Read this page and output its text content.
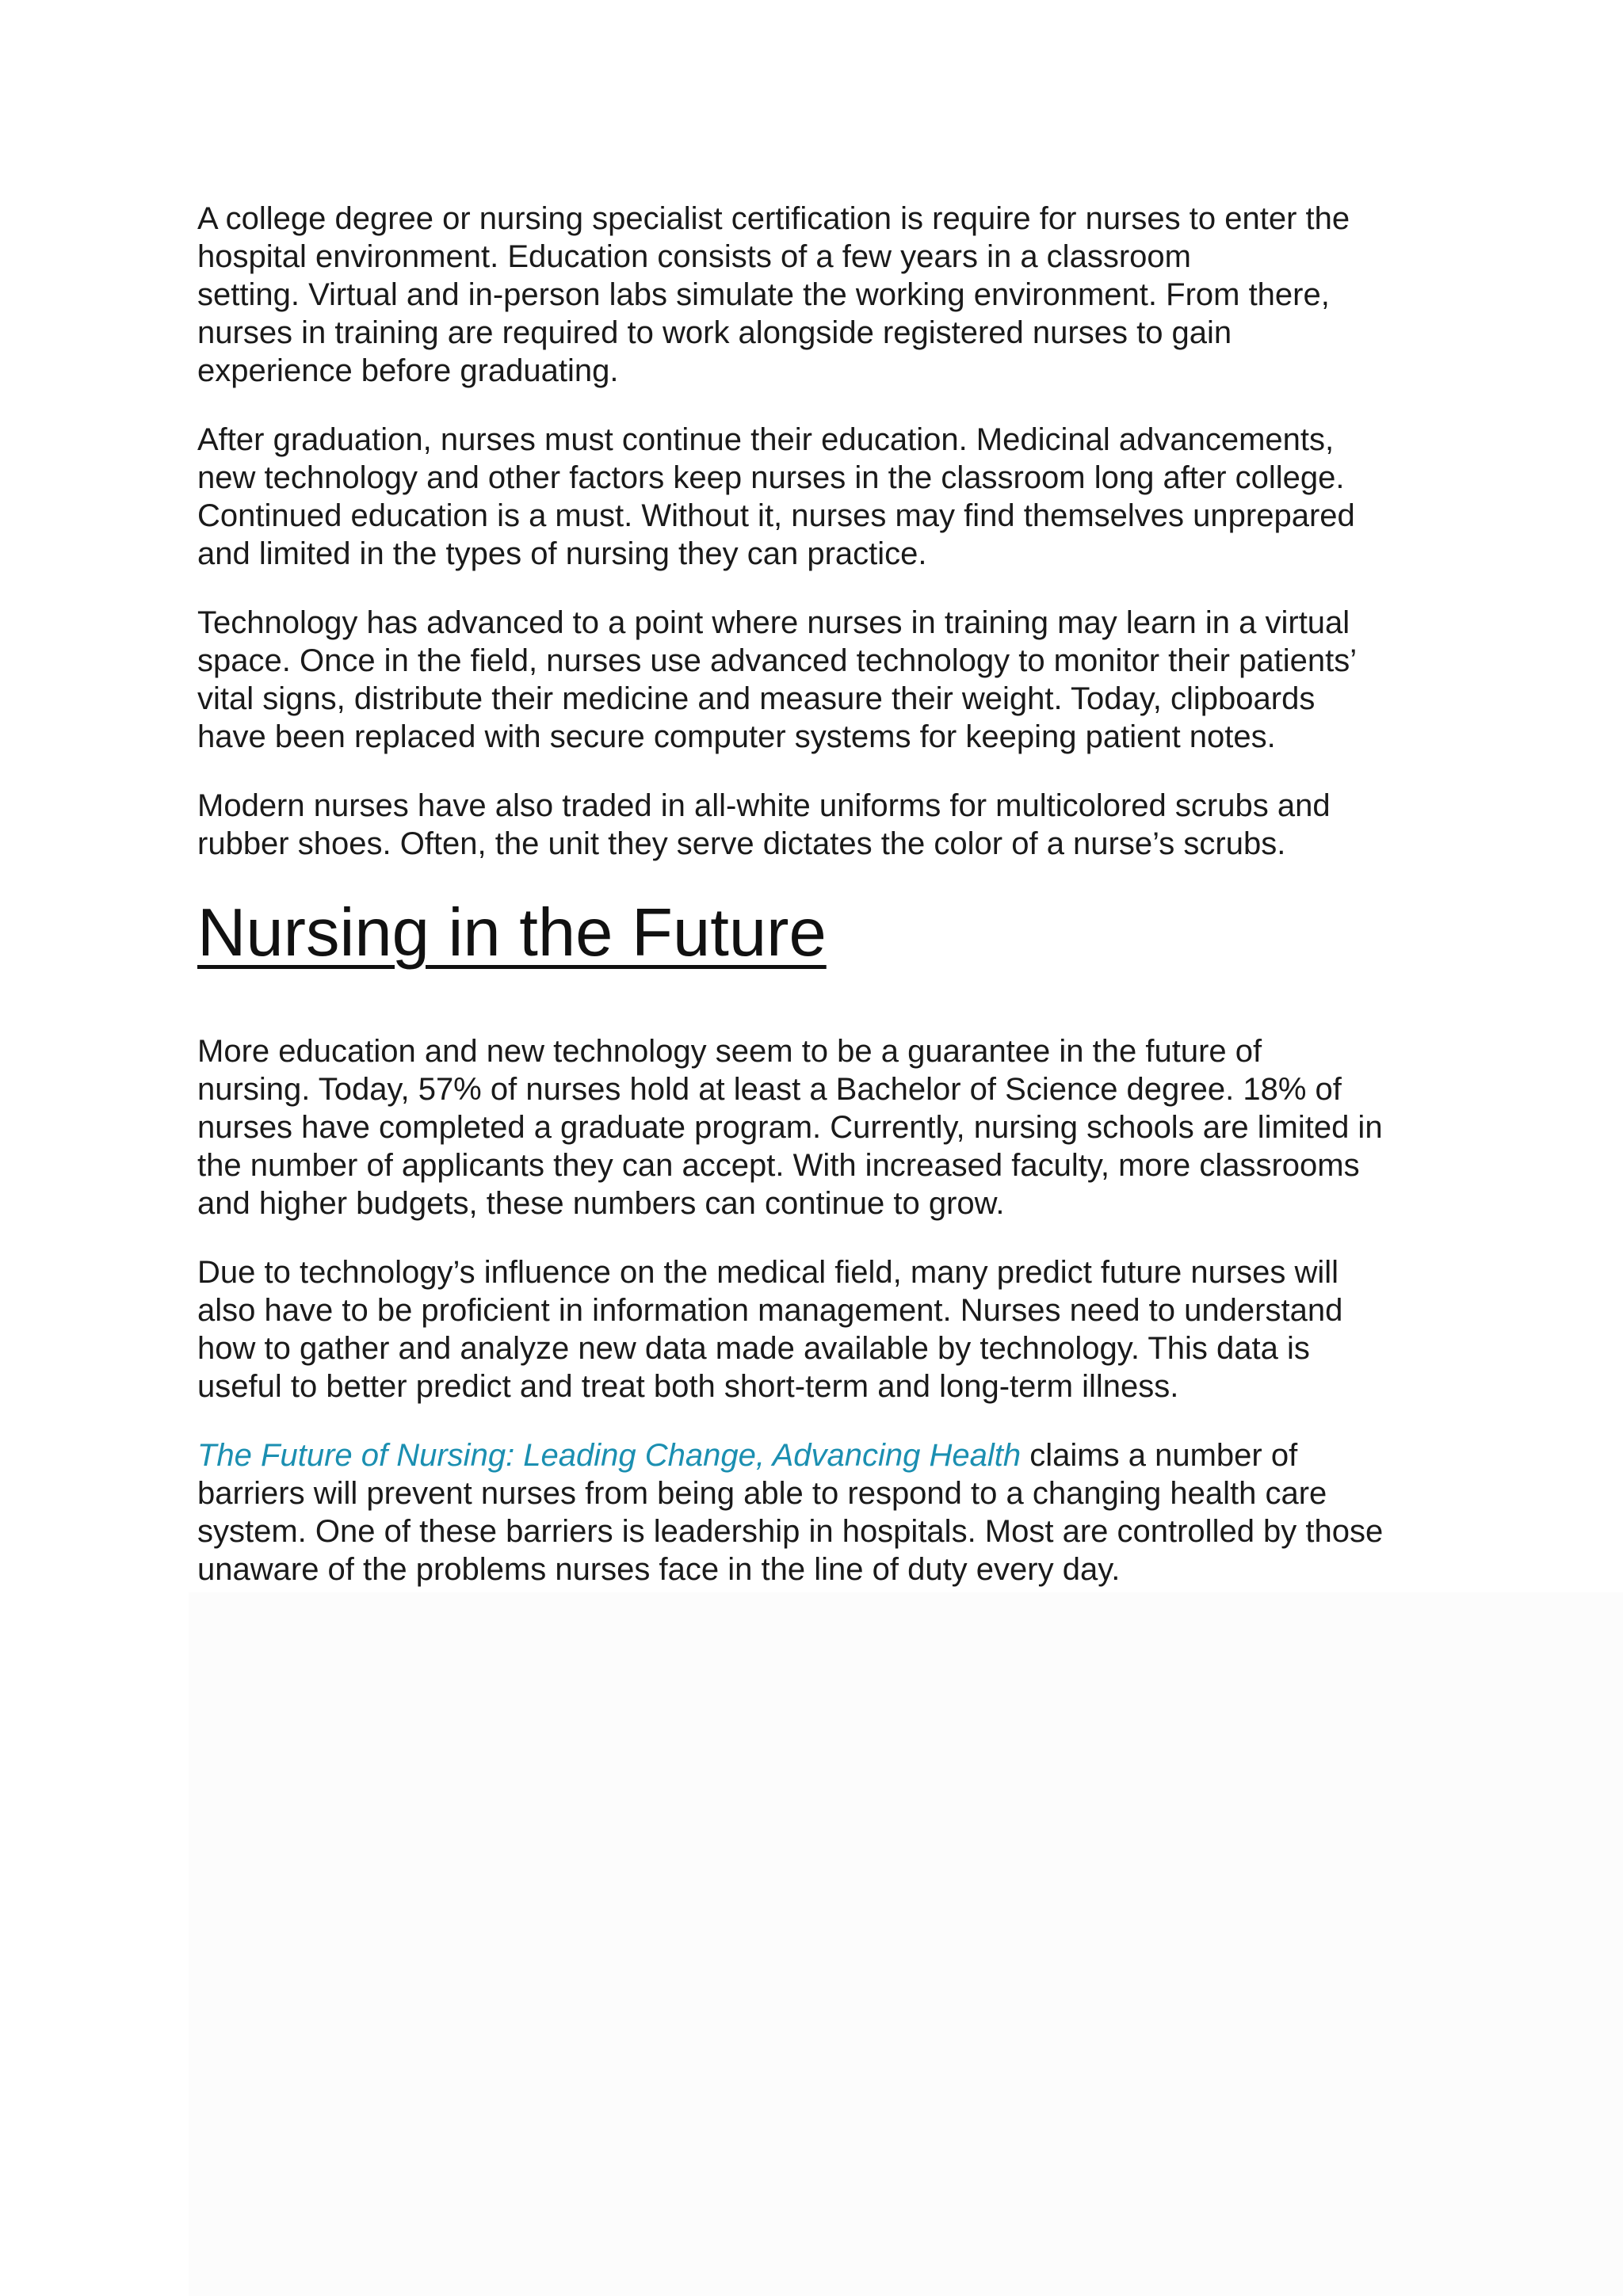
A college degree or nursing specialist certification is require for nurses to enter the
hospital environment. Education consists of a few years in a classroom
setting. Virtual and in-person labs simulate the working environment. From there,
nurses in training are required to work alongside registered nurses to gain
experience before graduating.

After graduation, nurses must continue their education. Medicinal advancements,
new technology and other factors keep nurses in the classroom long after college.
Continued education is a must. Without it, nurses may find themselves unprepared
and limited in the types of nursing they can practice.

Technology has advanced to a point where nurses in training may learn in a virtual
space. Once in the field, nurses use advanced technology to monitor their patients’
vital signs, distribute their medicine and measure their weight. Today, clipboards
have been replaced with secure computer systems for keeping patient notes.

Modern nurses have also traded in all-white uniforms for multicolored scrubs and
rubber shoes. Often, the unit they serve dictates the color of a nurse’s scrubs.

Nursing in the Future

More education and new technology seem to be a guarantee in the future of
nursing. Today, 57% of nurses hold at least a Bachelor of Science degree. 18% of
nurses have completed a graduate program. Currently, nursing schools are limited in
the number of applicants they can accept. With increased faculty, more classrooms
and higher budgets, these numbers can continue to grow.

Due to technology’s influence on the medical field, many predict future nurses will
also have to be proficient in information management. Nurses need to understand
how to gather and analyze new data made available by technology. This data is
useful to better predict and treat both short-term and long-term illness.

The Future of Nursing: Leading Change, Advancing Health claims a number of
barriers will prevent nurses from being able to respond to a changing health care
system. One of these barriers is leadership in hospitals. Most are controlled by those
unaware of the problems nurses face in the line of duty every day.
